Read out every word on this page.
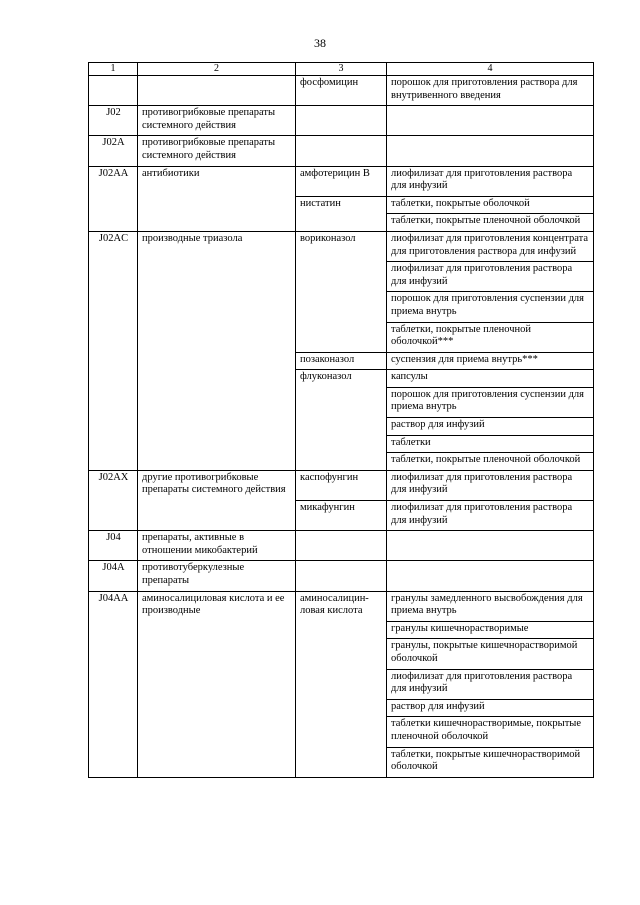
38
1	2	3	4
		фосфомицин	порошок для приготовления раствора для внутривенного введения
J02	противогрибковые препараты системного действия		
J02A	противогрибковые препараты системного действия		
J02AA	антибиотики	амфотерицин B	лиофилизат для приготовления раствора для инфузий
		нистатин	таблетки, покрытые оболочкой
			таблетки, покрытые пленочной оболочкой
J02AC	производные триазола	вориконазол	лиофилизат для приготовления концентрата для приготовления раствора для инфузий
			лиофилизат для приготовления раствора для инфузий
			порошок для приготовления суспензии для приема внутрь
			таблетки, покрытые пленочной оболочкой***
		позаконазол	суспензия для приема внутрь***
		флуконазол	капсулы
			порошок для приготовления суспензии для приема внутрь
			раствор для инфузий
			таблетки
			таблетки, покрытые пленочной оболочкой
J02AX	другие противогрибковые препараты системного действия	каспофунгин	лиофилизат для приготовления раствора для инфузий
		микафунгин	лиофилизат для приготовления раствора для инфузий
J04	препараты, активные в отношении микобактерий		
J04A	противотуберкулезные препараты		
J04AA	аминосалициловая кислота и ее производные	аминосалицин-ловая кислота	гранулы замедленного высвобождения для приема внутрь
			гранулы кишечнорастворимые
			гранулы, покрытые кишечнорастворимой оболочкой
			лиофилизат для приготовления раствора для инфузий
			раствор для инфузий
			таблетки кишечнорастворимые, покрытые пленочной оболочкой
			таблетки, покрытые кишечнорастворимой оболочкой
